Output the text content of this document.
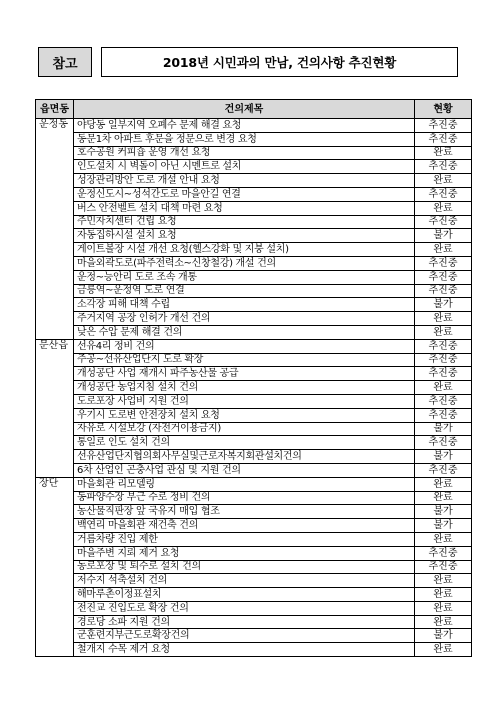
참고	2018년 시민과의 만남, 건의사항 추진현황
읍면동	건의제목	현황
운정동	야당동 일부지역 오폐수 문제 해결 요청	추진중
	동문1차 아파트 후문을 정문으로 변경 요청	추진중
	호수공원 커피숍 운영 개선 요청	완료
	인도설치 시 벽돌이 아닌 시멘트로 설치	추진중
	성장관리방안 도로 개설 안내 요청	완료
	운정신도시~성석간도로 마을안길 연결	추진중
	버스 안전벨트 설치 대책 마련 요청	완료
	주민자치센터 건립 요청	추진중
	자동집하시설 설치 요청	불가
	게이트볼장 시설 개선 요청(헬스강화 및 지붕 설치)	완료
	마을외곽도로(파주전력소~신창철강) 개설 건의	추진중
	운정~능안리 도로 조속 개통	추진중
	금릉역~운정역 도로 연결	추진중
	소각장 피해 대책 수립	불가
	주거지역 공장 인허가 개선 건의	완료
	낮은 수압 문제 해결 건의	완료
문산읍	선유4리 정비 건의	추진중
	주공~선유산업단지 도로 확장	추진중
	개성공단 사업 재개시 파주농산물 공급	추진중
	개성공단 농업지침 설치 건의	완료
	도로포장 사업비 지원 건의	추진중
	우기시 도로변 안전장치 설치 요청	추진중
	자유로 시설보강 (자전거이용금지)	불가
	통일로 인도 설치 건의	추진중
	선유산업단지협의회사무실및근로자복지회관설치건의	불가
	6차 산업인 곤충사업 관심 및 지원 건의	추진중
장단	마을회관 리모델링	완료
	동파양수장 부근 수로 정비 건의	완료
	농산물직판장 앞 국유지 매입 협조	불가
	백연리 마을회관 재건축 건의	불가
	거름차량 진입 제한	완료
	마을주변 지뢰 제거 요청	추진중
	농로포장 및 퇴수로 설치 건의	추진중
	저수지 석축설치 건의	완료
	해마루촌이정표설치	완료
	전진교 진입도로 확장 건의	완료
	경로당 소파 지원 건의	완료
	군훈련지부근도로확장건의	불가
	철개지 수목 제거 요청	완료
